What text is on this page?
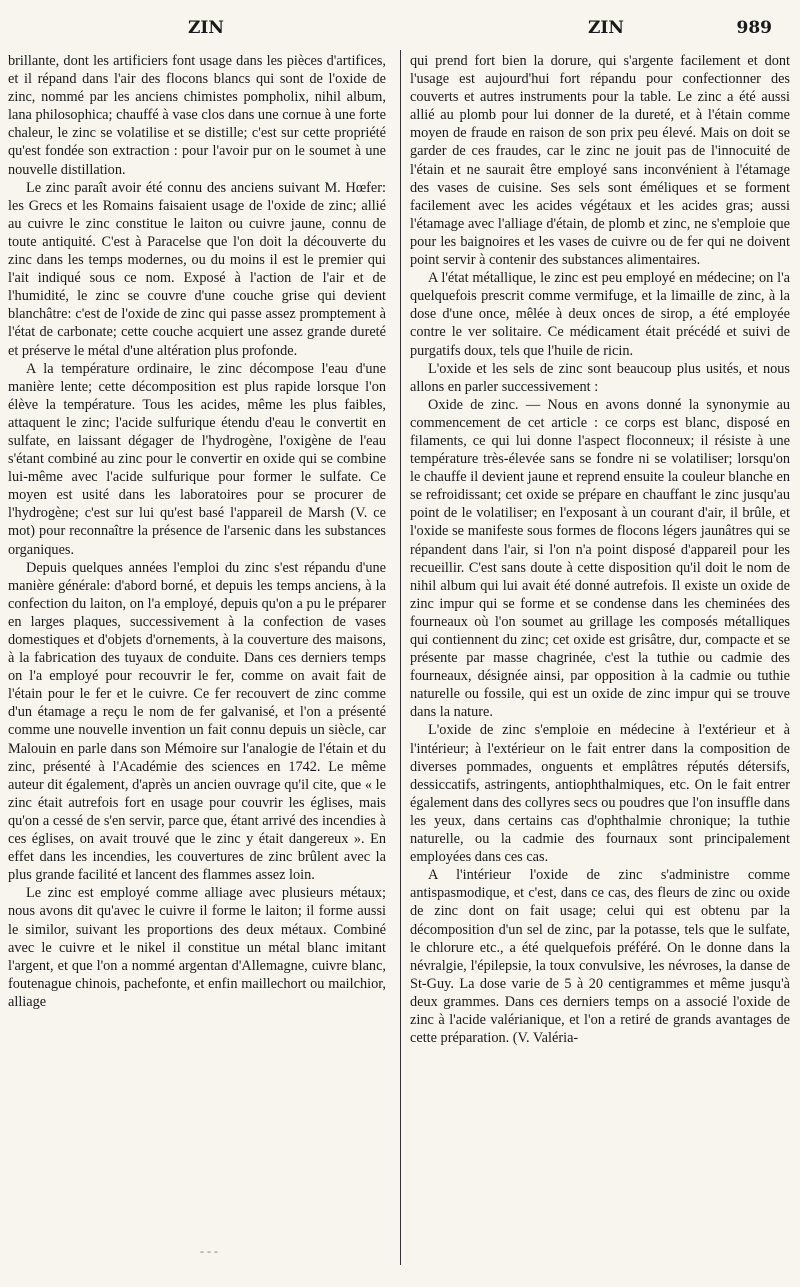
ZIN	ZIN	989

brillante, dont les artificiers font usage dans les pièces d'artifices, et il répand dans l'air des flocons blancs qui sont de l'oxide de zinc, nommé par les anciens chimistes pompholix, nihil album, lana philosophica; chauffé à vase clos dans une cornue à une forte chaleur, le zinc se volatilise et se distille; c'est sur cette propriété qu'est fondée son extraction : pour l'avoir pur on le soumet à une nouvelle distillation.

Le zinc paraît avoir été connu des anciens suivant M. Hœfer: les Grecs et les Romains faisaient usage de l'oxide de zinc; allié au cuivre le zinc constitue le laiton ou cuivre jaune, connu de toute antiquité. C'est à Paracelse que l'on doit la découverte du zinc dans les temps modernes, ou du moins il est le premier qui l'ait indiqué sous ce nom. Exposé à l'action de l'air et de l'humidité, le zinc se couvre d'une couche grise qui devient blanchâtre: c'est de l'oxide de zinc qui passe assez promptement à l'état de carbonate; cette couche acquiert une assez grande dureté et préserve le métal d'une altération plus profonde.

A la température ordinaire, le zinc décompose l'eau d'une manière lente; cette décomposition est plus rapide lorsque l'on élève la température. Tous les acides, même les plus faibles, attaquent le zinc; l'acide sulfurique étendu d'eau le convertit en sulfate, en laissant dégager de l'hydrogène, l'oxigène de l'eau s'étant combiné au zinc pour le convertir en oxide qui se combine lui-même avec l'acide sulfurique pour former le sulfate. Ce moyen est usité dans les laboratoires pour se procurer de l'hydrogène; c'est sur lui qu'est basé l'appareil de Marsh (V. ce mot) pour reconnaître la présence de l'arsenic dans les substances organiques.

Depuis quelques années l'emploi du zinc s'est répandu d'une manière générale: d'abord borné, et depuis les temps anciens, à la confection du laiton, on l'a employé, depuis qu'on a pu le préparer en larges plaques, successivement à la confection de vases domestiques et d'objets d'ornements, à la couverture des maisons, à la fabrication des tuyaux de conduite. Dans ces derniers temps on l'a employé pour recouvrir le fer, comme on avait fait de l'étain pour le fer et le cuivre. Ce fer recouvert de zinc comme d'un étamage a reçu le nom de fer galvanisé, et l'on a présenté comme une nouvelle invention un fait connu depuis un siècle, car Malouin en parle dans son Mémoire sur l'analogie de l'étain et du zinc, présenté à l'Académie des sciences en 1742. Le même auteur dit également, d'après un ancien ouvrage qu'il cite, que « le zinc était autrefois fort en usage pour couvrir les églises, mais qu'on a cessé de s'en servir, parce que, étant arrivé des incendies à ces églises, on avait trouvé que le zinc y était dangereux ». En effet dans les incendies, les couvertures de zinc brûlent avec la plus grande facilité et lancent des flammes assez loin.

Le zinc est employé comme alliage avec plusieurs métaux; nous avons dit qu'avec le cuivre il forme le laiton; il forme aussi le similor, suivant les proportions des deux métaux. Combiné avec le cuivre et le nikel il constitue un métal blanc imitant l'argent, et que l'on a nommé argentan d'Allemagne, cuivre blanc, foutenague chinois, pachefonte, et enfin maillechort ou mailchior, alliage

qui prend fort bien la dorure, qui s'argente facilement et dont l'usage est aujourd'hui fort répandu pour confectionner des couverts et autres instruments pour la table. Le zinc a été aussi allié au plomb pour lui donner de la dureté, et à l'étain comme moyen de fraude en raison de son prix peu élevé. Mais on doit se garder de ces fraudes, car le zinc ne jouit pas de l'innocuité de l'étain et ne saurait être employé sans inconvénient à l'étamage des vases de cuisine. Ses sels sont éméliques et se forment facilement avec les acides végétaux et les acides gras; aussi l'étamage avec l'alliage d'étain, de plomb et zinc, ne s'emploie que pour les baignoires et les vases de cuivre ou de fer qui ne doivent point servir à contenir des substances alimentaires.

A l'état métallique, le zinc est peu employé en médecine; on l'a quelquefois prescrit comme vermifuge, et la limaille de zinc, à la dose d'une once, mêlée à deux onces de sirop, a été employée contre le ver solitaire. Ce médicament était précédé et suivi de purgatifs doux, tels que l'huile de ricin.

L'oxide et les sels de zinc sont beaucoup plus usités, et nous allons en parler successivement :

Oxide de zinc. — Nous en avons donné la synonymie au commencement de cet article : ce corps est blanc, disposé en filaments, ce qui lui donne l'aspect floconneux; il résiste à une température très-élevée sans se fondre ni se volatiliser; lorsqu'on le chauffe il devient jaune et reprend ensuite la couleur blanche en se refroidissant; cet oxide se prépare en chauffant le zinc jusqu'au point de le volatiliser; en l'exposant à un courant d'air, il brûle, et l'oxide se manifeste sous formes de flocons légers jaunâtres qui se répandent dans l'air, si l'on n'a point disposé d'appareil pour les recueillir. C'est sans doute à cette disposition qu'il doit le nom de nihil album qui lui avait été donné autrefois. Il existe un oxide de zinc impur qui se forme et se condense dans les cheminées des fourneaux où l'on soumet au grillage les composés métalliques qui contiennent du zinc; cet oxide est grisâtre, dur, compacte et se présente par masse chagrinée, c'est la tuthie ou cadmie des fourneaux, désignée ainsi, par opposition à la cadmie ou tuthie naturelle ou fossile, qui est un oxide de zinc impur qui se trouve dans la nature.

L'oxide de zinc s'emploie en médecine à l'extérieur et à l'intérieur; à l'extérieur on le fait entrer dans la composition de diverses pommades, onguents et emplâtres réputés détersifs, dessiccatifs, astringents, antiophthalmiques, etc. On le fait entrer également dans des collyres secs ou poudres que l'on insuffle dans les yeux, dans certains cas d'ophthalmie chronique; la tuthie naturelle, ou la cadmie des fournaux sont principalement employées dans ces cas.

A l'intérieur l'oxide de zinc s'administre comme antispasmodique, et c'est, dans ce cas, des fleurs de zinc ou oxide de zinc dont on fait usage; celui qui est obtenu par la décomposition d'un sel de zinc, par la potasse, tels que le sulfate, le chlorure etc., a été quelquefois préféré. On le donne dans la névralgie, l'épilepsie, la toux convulsive, les névroses, la danse de St-Guy. La dose varie de 5 à 20 centigrammes et même jusqu'à deux grammes. Dans ces derniers temps on a associé l'oxide de zinc à l'acide valérianique, et l'on a retiré de grands avantages de cette préparation. (V. Valéria-

- - -
